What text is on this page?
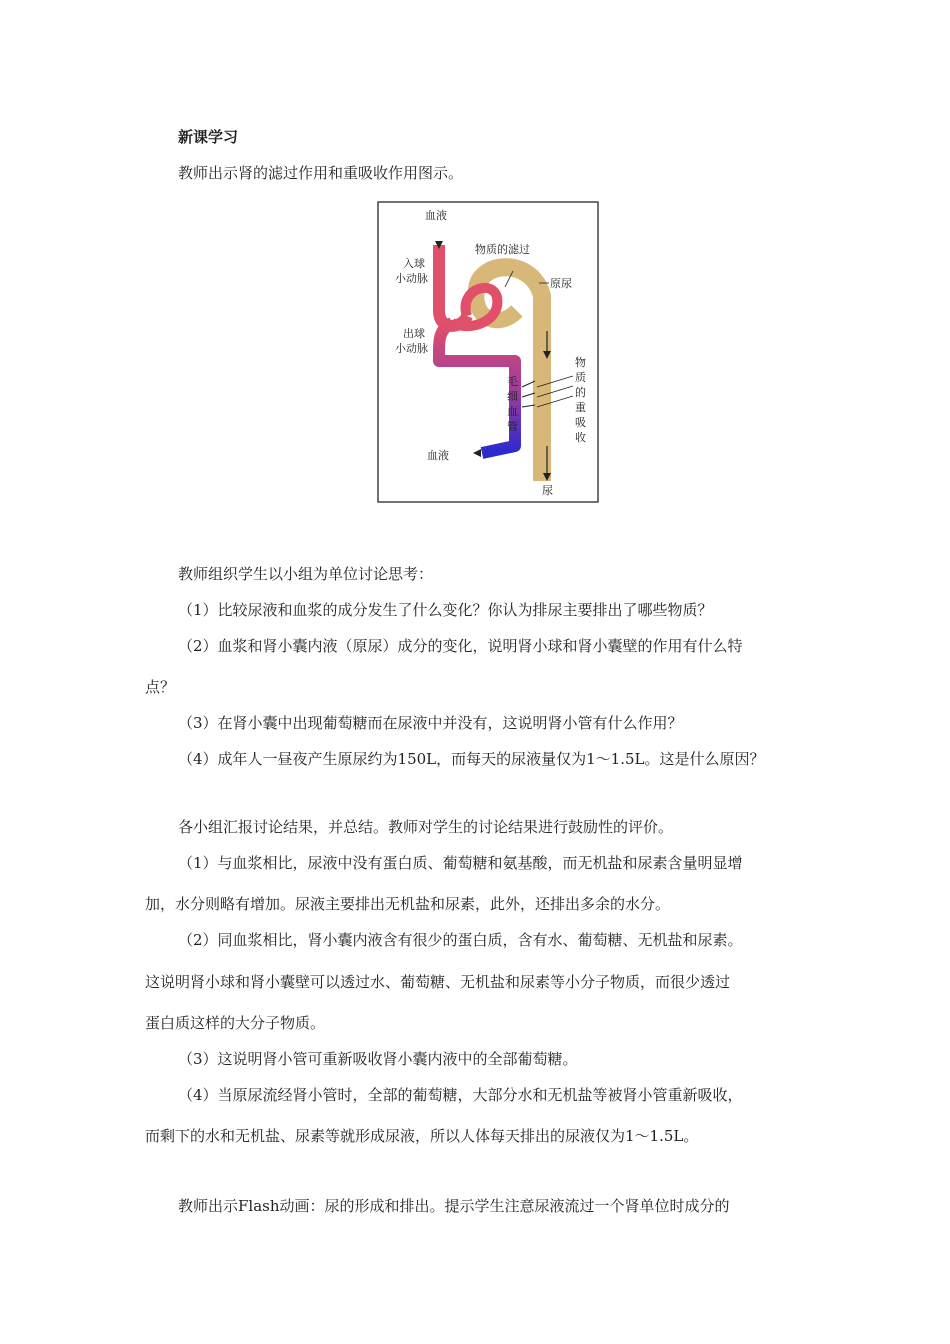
新课学习
教师出示肾的滤过作用和重吸收作用图示。
血液
物质的滤过
入球
小动脉	原尿
出球
小动脉
毛
细
血
管
物
质
的
重
吸
收
血液
尿
教师组织学生以小组为单位讨论思考：
（1）比较尿液和血浆的成分发生了什么变化？你认为排尿主要排出了哪些物质？
（2）血浆和肾小囊内液（原尿）成分的变化，说明肾小球和肾小囊壁的作用有什么特
点？
（3）在肾小囊中出现葡萄糖而在尿液中并没有，这说明肾小管有什么作用？
（4）成年人一昼夜产生原尿约为150L，而每天的尿液量仅为1～1.5L。这是什么原因？
各小组汇报讨论结果，并总结。教师对学生的讨论结果进行鼓励性的评价。
（1）与血浆相比，尿液中没有蛋白质、葡萄糖和氨基酸，而无机盐和尿素含量明显增
加，水分则略有增加。尿液主要排出无机盐和尿素，此外，还排出多余的水分。
（2）同血浆相比，肾小囊内液含有很少的蛋白质，含有水、葡萄糖、无机盐和尿素。
这说明肾小球和肾小囊壁可以透过水、葡萄糖、无机盐和尿素等小分子物质，而很少透过
蛋白质这样的大分子物质。
（3）这说明肾小管可重新吸收肾小囊内液中的全部葡萄糖。
（4）当原尿流经肾小管时，全部的葡萄糖，大部分水和无机盐等被肾小管重新吸收，
而剩下的水和无机盐、尿素等就形成尿液，所以人体每天排出的尿液仅为1～1.5L。
教师出示Flash动画：尿的形成和排出。提示学生注意尿液流过一个肾单位时成分的
